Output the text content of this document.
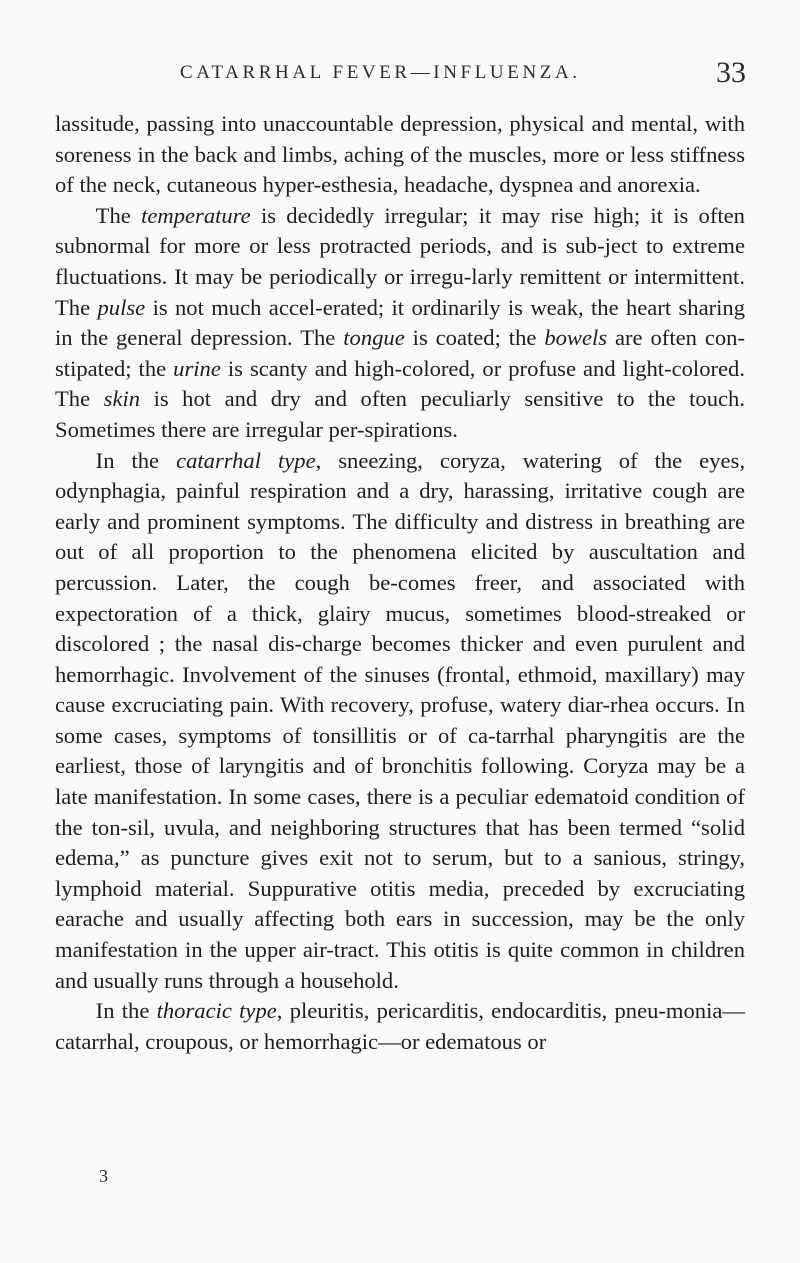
CATARRHAL FEVER—INFLUENZA.	33

lassitude, passing into unaccountable depression, physical and mental, with soreness in the back and limbs, aching of the muscles, more or less stiffness of the neck, cutaneous hyper-esthesia, headache, dyspnea and anorexia.

The temperature is decidedly irregular; it may rise high; it is often subnormal for more or less protracted periods, and is sub-ject to extreme fluctuations. It may be periodically or irregu-larly remittent or intermittent. The pulse is not much accel-erated; it ordinarily is weak, the heart sharing in the general depression. The tongue is coated; the bowels are often con-stipated; the urine is scanty and high-colored, or profuse and light-colored. The skin is hot and dry and often peculiarly sensitive to the touch. Sometimes there are irregular per-spirations.

In the catarrhal type, sneezing, coryza, watering of the eyes, odynphagia, painful respiration and a dry, harassing, irritative cough are early and prominent symptoms. The difficulty and distress in breathing are out of all proportion to the phenomena elicited by auscultation and percussion. Later, the cough be-comes freer, and associated with expectoration of a thick, glairy mucus, sometimes blood-streaked or discolored ; the nasal dis-charge becomes thicker and even purulent and hemorrhagic. Involvement of the sinuses (frontal, ethmoid, maxillary) may cause excruciating pain. With recovery, profuse, watery diar-rhea occurs. In some cases, symptoms of tonsillitis or of ca-tarrhal pharyngitis are the earliest, those of laryngitis and of bronchitis following. Coryza may be a late manifestation. In some cases, there is a peculiar edematoid condition of the ton-sil, uvula, and neighboring structures that has been termed “solid edema,” as puncture gives exit not to serum, but to a sanious, stringy, lymphoid material. Suppurative otitis media, preceded by excruciating earache and usually affecting both ears in succession, may be the only manifestation in the upper air-tract. This otitis is quite common in children and usually runs through a household.

In the thoracic type, pleuritis, pericarditis, endocarditis, pneu-monia—catarrhal, croupous, or hemorrhagic—or edematous or

3
